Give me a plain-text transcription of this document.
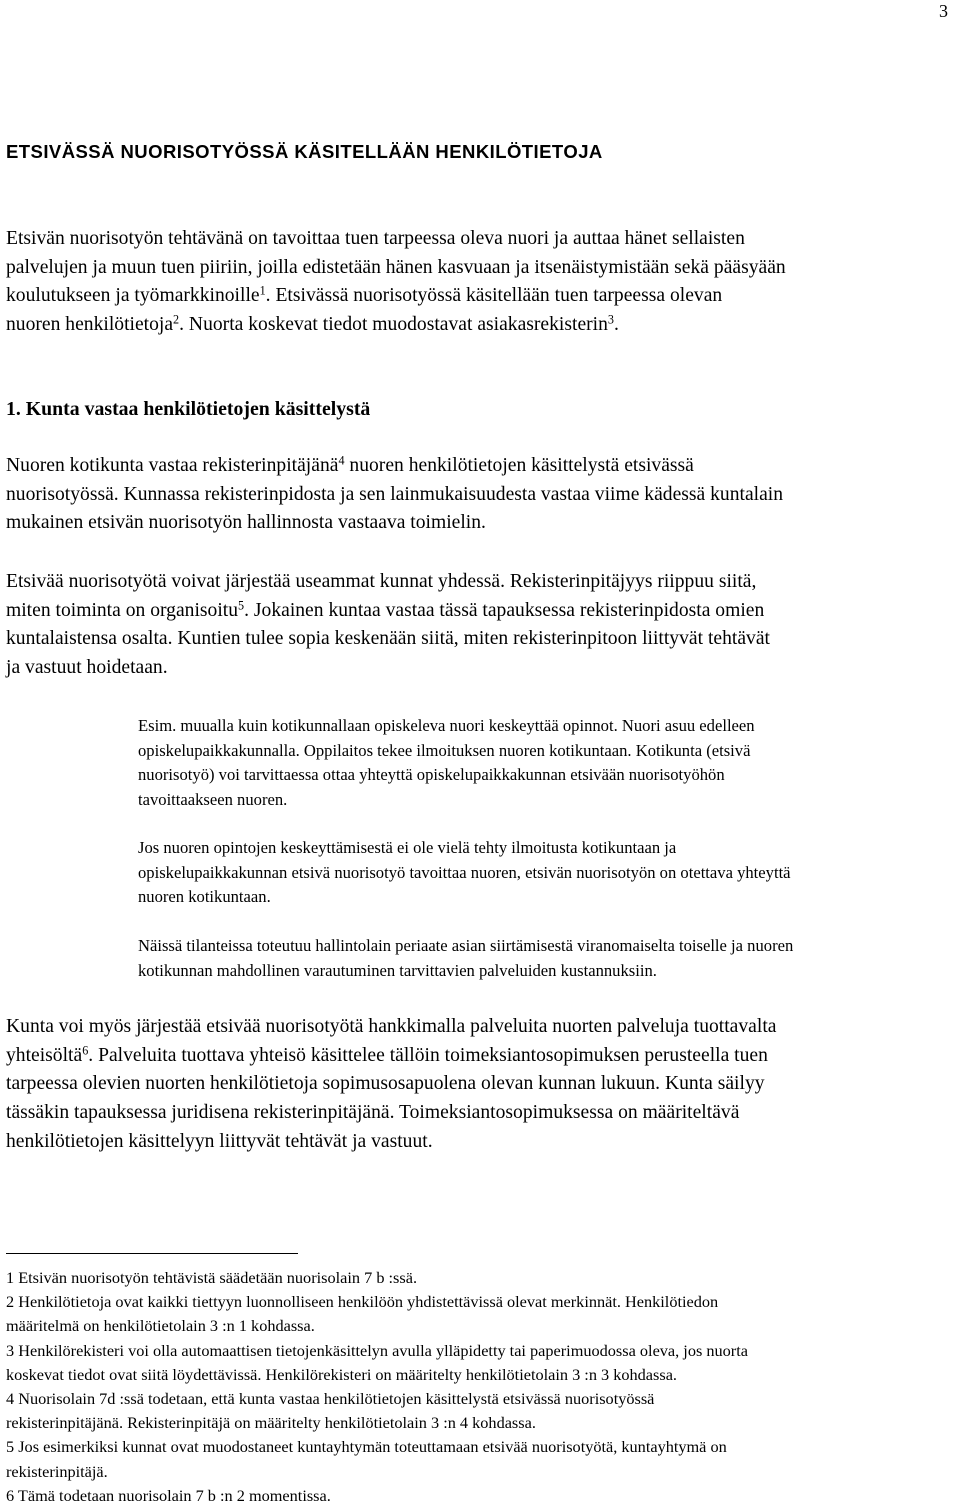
3
ETSIVÄSSÄ NUORISOTYÖSSÄ KÄSITELLÄÄN HENKILÖTIETOJA

Etsivän nuorisotyön tehtävänä on tavoittaa tuen tarpeessa oleva nuori ja auttaa hänet sellaisten
palvelujen ja muun tuen piiriin, joilla edistetään hänen kasvuaan ja itsenäistymistään sekä pääsyään
koulutukseen ja työmarkkinoille$^1$. Etsivässä nuorisotyössä käsitellään tuen tarpeessa olevan
nuoren henkilötietoja$^2$. Nuorta koskevat tiedot muodostavat asiakasrekisterin$^3$.

1. Kunta vastaa henkilötietojen käsittelystä

Nuoren kotikunta vastaa rekisterinpitäjänä$^4$ nuoren henkilötietojen käsittelystä etsivässä
nuorisotyössä. Kunnassa rekisterinpidosta ja sen lainmukaisuudesta vastaa viime kädessä kuntalain
mukainen etsivän nuorisotyön hallinnosta vastaava toimielin.

Etsivää nuorisotyötä voivat järjestää useammat kunnat yhdessä. Rekisterinpitäjyys riippuu siitä,
miten toiminta on organisoitu$^5$. Jokainen kuntaa vastaa tässä tapauksessa rekisterinpidosta omien
kuntalaistensa osalta. Kuntien tulee sopia keskenään siitä, miten rekisterinpitoon liittyvät tehtävät
ja vastuut hoidetaan.

Esim. muualla kuin kotikunnallaan opiskeleva nuori keskeyttää opinnot. Nuori asuu edelleen
opiskelupaikkakunnalla. Oppilaitos tekee ilmoituksen nuoren kotikuntaan. Kotikunta (etsivä
nuorisotyö) voi tarvittaessa ottaa yhteyttä opiskelupaikkakunnan etsivään nuorisotyöhön
tavoittaakseen nuoren.

Jos nuoren opintojen keskeyttämisestä ei ole vielä tehty ilmoitusta kotikuntaan ja
opiskelupaikkakunnan etsivä nuorisotyö tavoittaa nuoren, etsivän nuorisotyön on otettava yhteyttä
nuoren kotikuntaan.

Näissä tilanteissa toteutuu hallintolain periaate asian siirtämisestä viranomaiselta toiselle ja nuoren
kotikunnan mahdollinen varautuminen tarvittavien palveluiden kustannuksiin.

Kunta voi myös järjestää etsivää nuorisotyötä hankkimalla palveluita nuorten palveluja tuottavalta
yhteisöltä$^6$. Palveluita tuottava yhteisö käsittelee tällöin toimeksiantosopimuksen perusteella tuen
tarpeessa olevien nuorten henkilötietoja sopimusosapuolena olevan kunnan lukuun. Kunta säilyy
tässäkin tapauksessa juridisena rekisterinpitäjänä. Toimeksiantosopimuksessa on määriteltävä
henkilötietojen käsittelyyn liittyvät tehtävät ja vastuut.

1 Etsivän nuorisotyön tehtävistä säädetään nuorisolain 7 b :ssä.
2 Henkilötietoja ovat kaikki tiettyyn luonnolliseen henkilöön yhdistettävissä olevat merkinnät. Henkilötiedon
määritelmä on henkilötietolain 3 :n 1 kohdassa.
3 Henkilörekisteri voi olla automaattisen tietojenkäsittelyn avulla ylläpidetty tai paperimuodossa oleva, jos nuorta
koskevat tiedot ovat siitä löydettävissä. Henkilörekisteri on määritelty henkilötietolain 3 :n 3 kohdassa.
4 Nuorisolain 7d :ssä todetaan, että kunta vastaa henkilötietojen käsittelystä etsivässä nuorisotyössä
rekisterinpitäjänä. Rekisterinpitäjä on määritelty henkilötietolain 3 :n 4 kohdassa.
5 Jos esimerkiksi kunnat ovat muodostaneet kuntayhtymän toteuttamaan etsivää nuorisotyötä, kuntayhtymä on
rekisterinpitäjä.
6 Tämä todetaan nuorisolain 7 b :n 2 momentissa.
